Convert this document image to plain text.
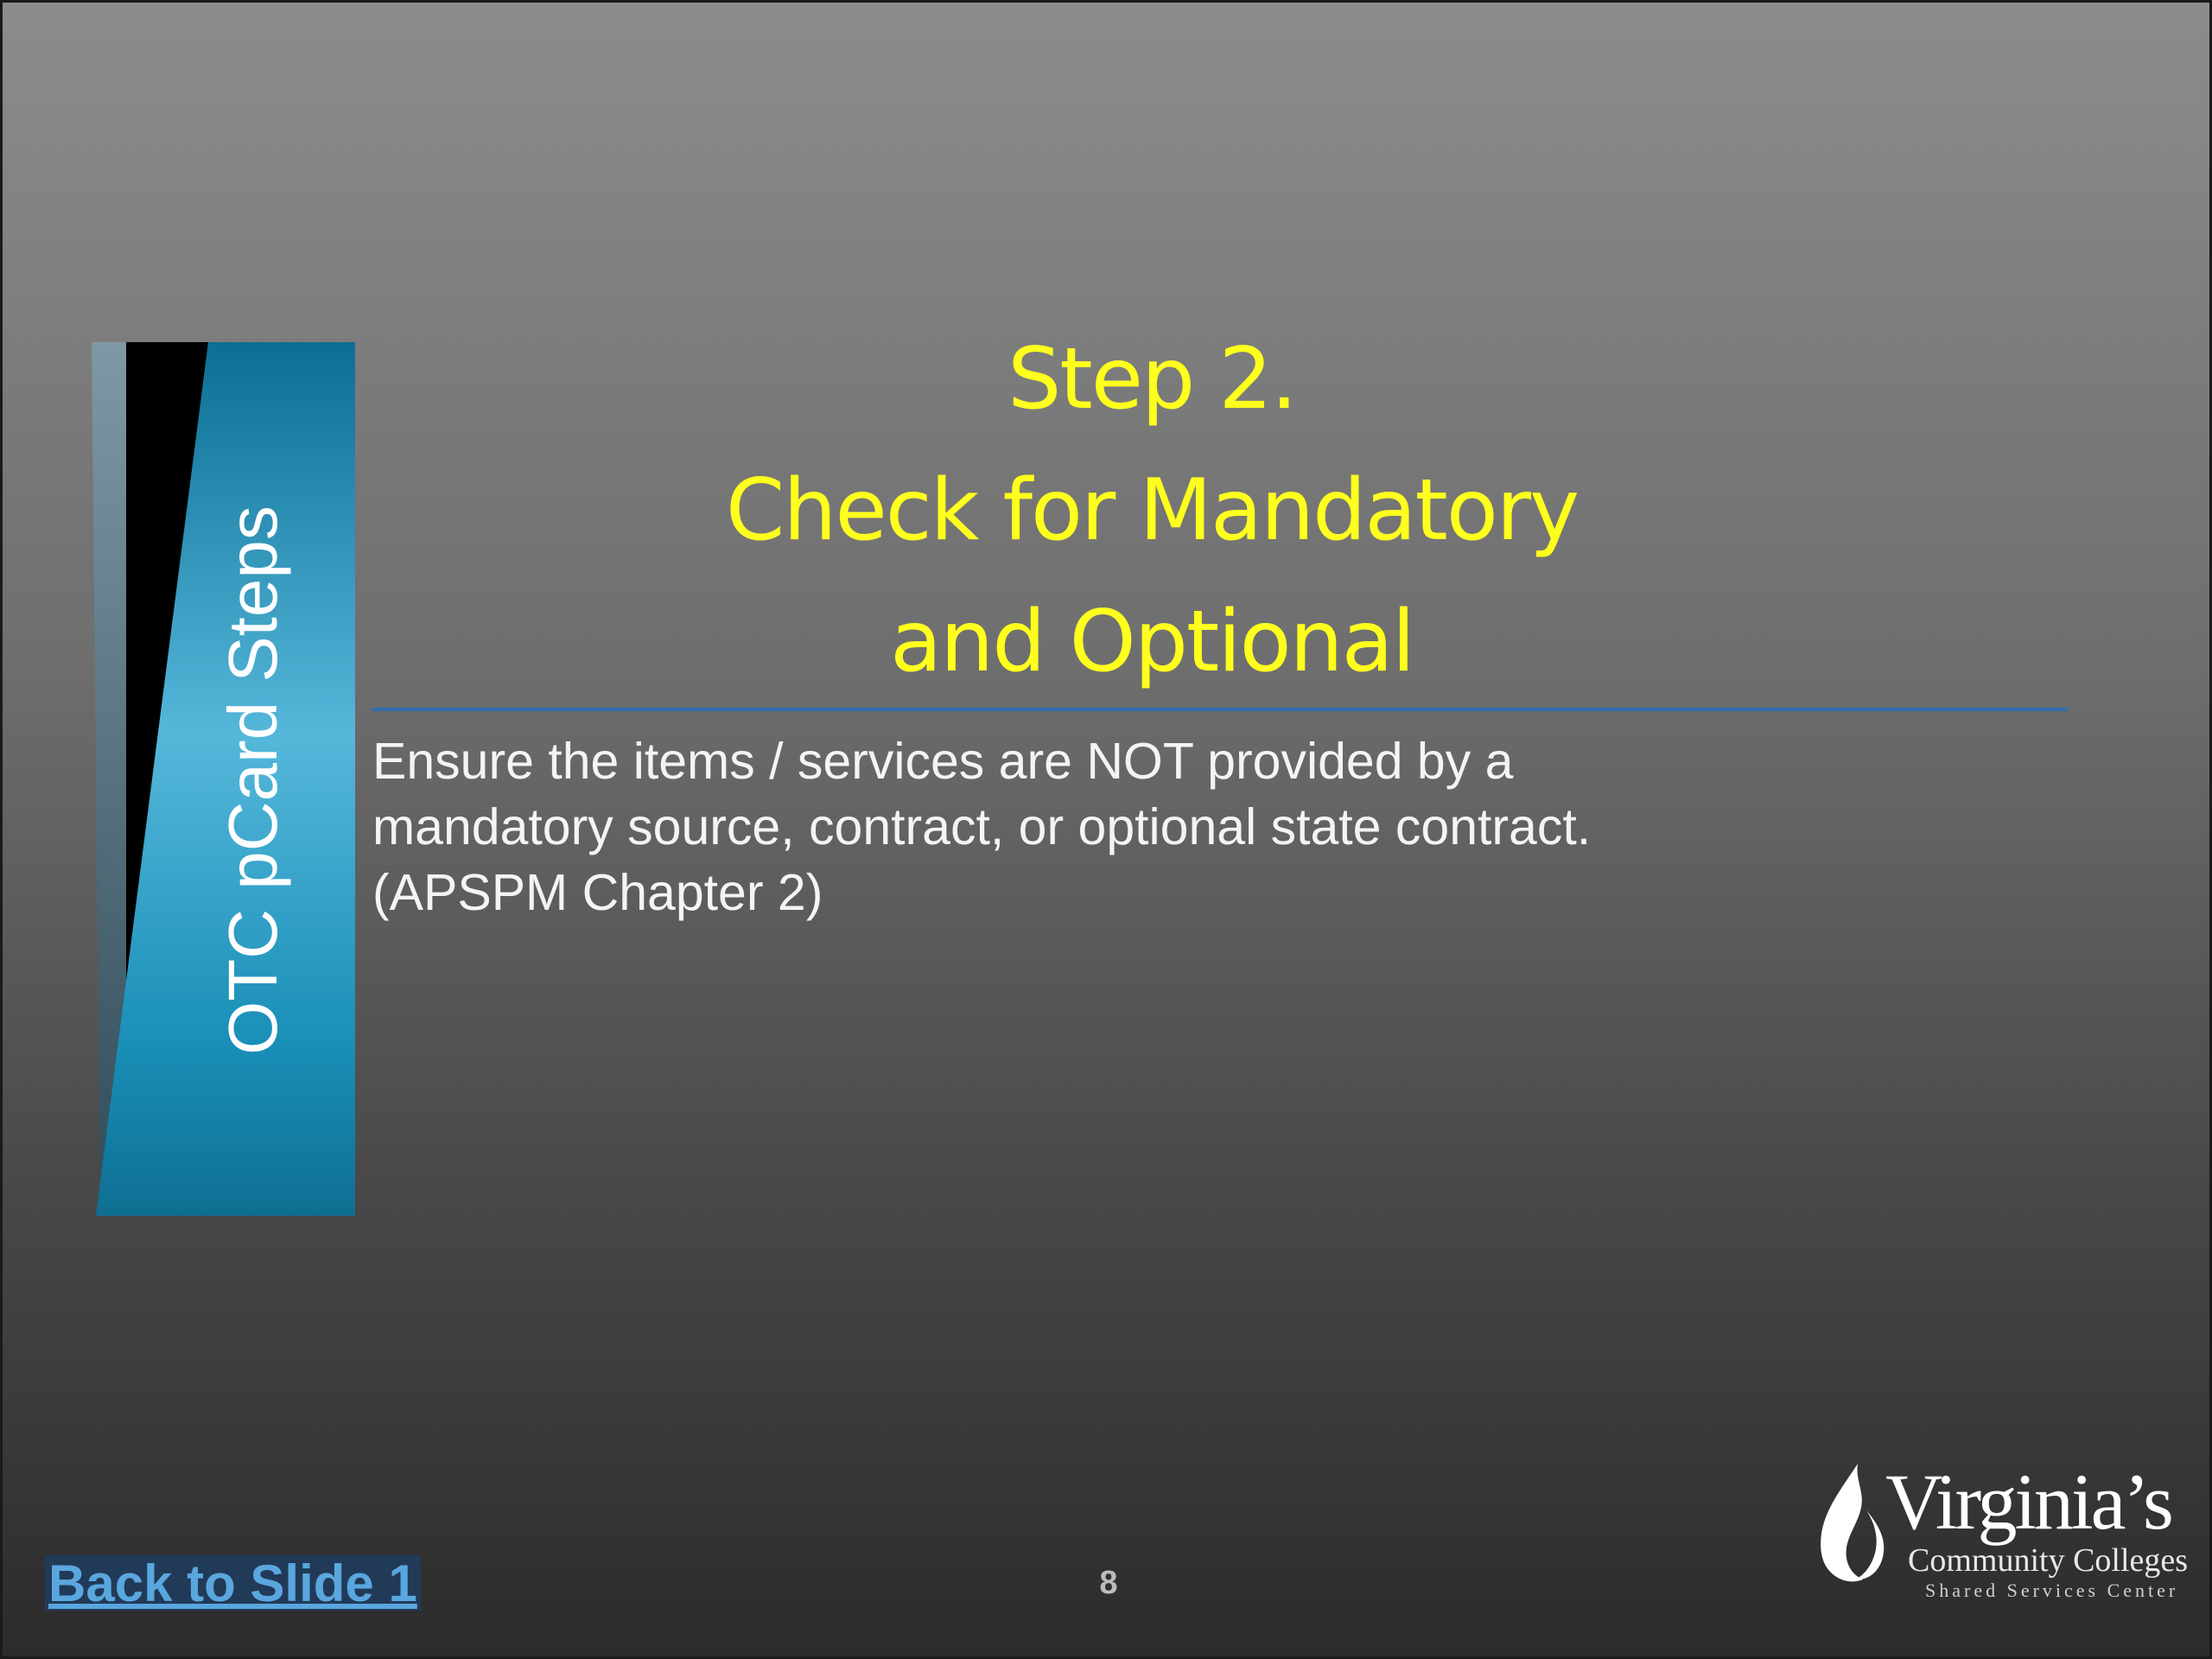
OTC pCard Steps
Step 2.
Check for Mandatory
and Optional
Ensure the items / services are NOT provided by a mandatory source, contract, or optional state contract. (APSPM Chapter 2)
Back to Slide 1	8
Virginia’s
Community Colleges
Shared Services Center
